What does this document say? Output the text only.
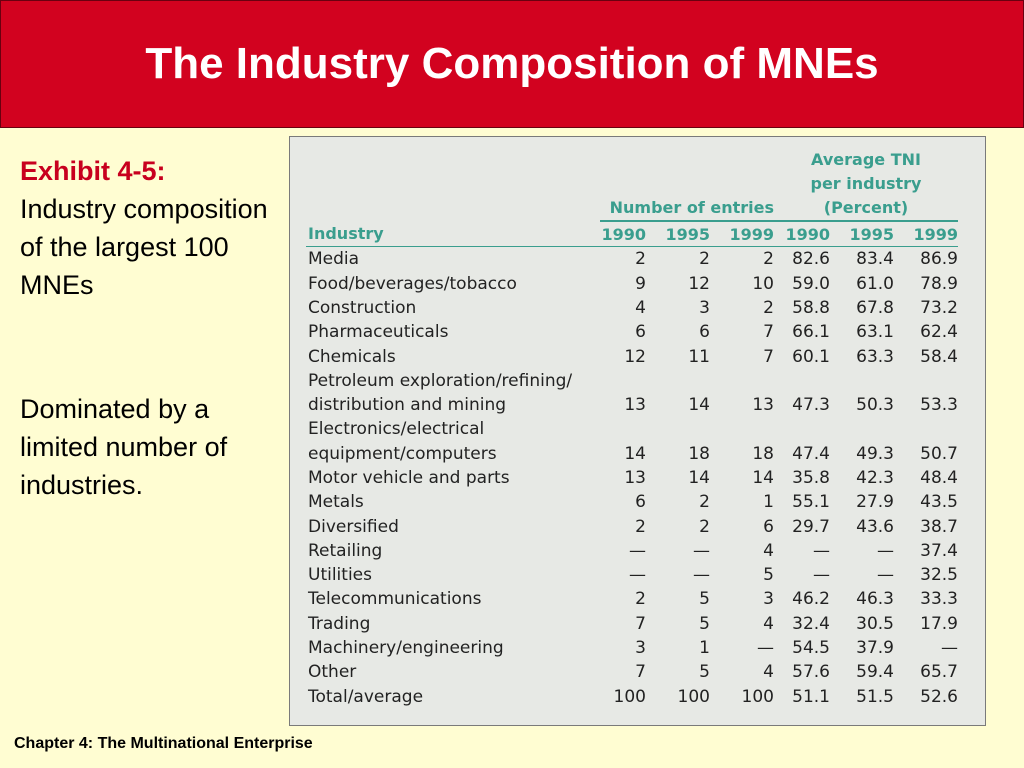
The Industry Composition of MNEs

Exhibit 4-5:

Industry composition of the largest 100 MNEs

Dominated by a limited number of industries.

				Average TNI		
				per industry		
	Number of entries			(Percent)		
Industry	1990	1995	1999	1990	1995	1999
Media	2	2	2	82.6	83.4	86.9
Food/beverages/tobacco	9	12	10	59.0	61.0	78.9
Construction	4	3	2	58.8	67.8	73.2
Pharmaceuticals	6	6	7	66.1	63.1	62.4
Chemicals	12	11	7	60.1	63.3	58.4
Petroleum exploration/refining/						
distribution and mining	13	14	13	47.3	50.3	53.3
Electronics/electrical						
equipment/computers	14	18	18	47.4	49.3	50.7
Motor vehicle and parts	13	14	14	35.8	42.3	48.4
Metals	6	2	1	55.1	27.9	43.5
Diversified	2	2	6	29.7	43.6	38.7
Retailing	—	—	4	—	—	37.4
Utilities	—	—	5	—	—	32.5
Telecommunications	2	5	3	46.2	46.3	33.3
Trading	7	5	4	32.4	30.5	17.9
Machinery/engineering	3	1	—	54.5	37.9	—
Other	7	5	4	57.6	59.4	65.7
Total/average	100	100	100	51.1	51.5	52.6
Chapter 4: The Multinational Enterprise
